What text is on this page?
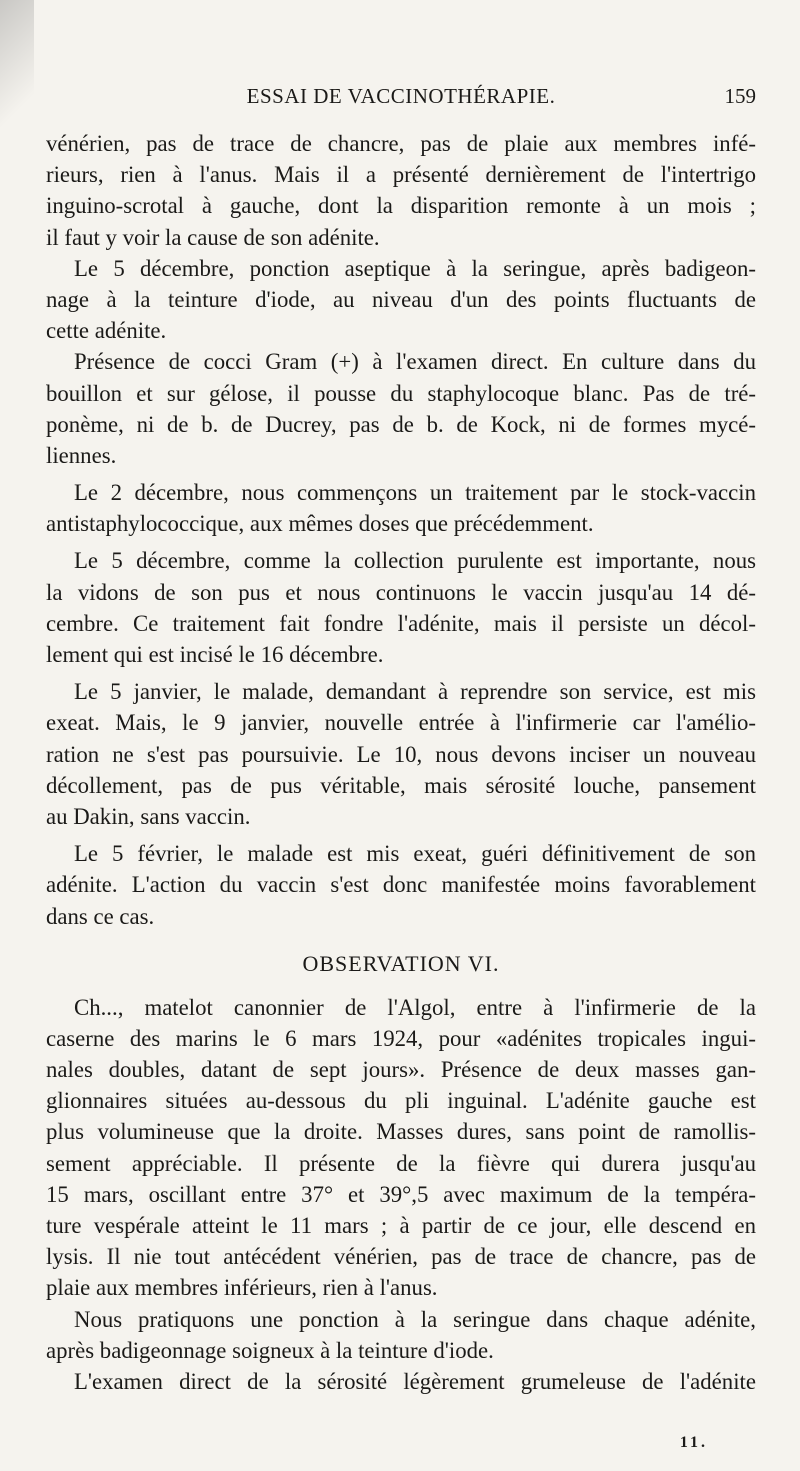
ESSAI DE VACCINOTHÉRAPIE.	159
vénérien, pas de trace de chancre, pas de plaie aux membres infé-
rieurs, rien à l'anus. Mais il a présenté dernièrement de l'intertrigo
inguino-scrotal à gauche, dont la disparition remonte à un mois ;
il faut y voir la cause de son adénite.
Le 5 décembre, ponction aseptique à la seringue, après badigeon-
nage à la teinture d'iode, au niveau d'un des points fluctuants de
cette adénite.
Présence de cocci Gram (+) à l'examen direct. En culture dans du
bouillon et sur gélose, il pousse du staphylocoque blanc. Pas de tré-
ponème, ni de b. de Ducrey, pas de b. de Kock, ni de formes mycé-
liennes.
Le 2 décembre, nous commençons un traitement par le stock-vaccin
antistaphylococcique, aux mêmes doses que précédemment.
Le 5 décembre, comme la collection purulente est importante, nous
la vidons de son pus et nous continuons le vaccin jusqu'au 14 dé-
cembre. Ce traitement fait fondre l'adénite, mais il persiste un décol-
lement qui est incisé le 16 décembre.
Le 5 janvier, le malade, demandant à reprendre son service, est mis
exeat. Mais, le 9 janvier, nouvelle entrée à l'infirmerie car l'amélio-
ration ne s'est pas poursuivie. Le 10, nous devons inciser un nouveau
décollement, pas de pus véritable, mais sérosité louche, pansement
au Dakin, sans vaccin.
Le 5 février, le malade est mis exeat, guéri définitivement de son
adénite. L'action du vaccin s'est donc manifestée moins favorablement
dans ce cas.
OBSERVATION VI.
Ch..., matelot canonnier de l'Algol, entre à l'infirmerie de la
caserne des marins le 6 mars 1924, pour «adénites tropicales ingui-
nales doubles, datant de sept jours». Présence de deux masses gan-
glionnaires situées au-dessous du pli inguinal. L'adénite gauche est
plus volumineuse que la droite. Masses dures, sans point de ramollis-
sement appréciable. Il présente de la fièvre qui durera jusqu'au
15 mars, oscillant entre 37° et 39°,5 avec maximum de la tempéra-
ture vespérale atteint le 11 mars ; à partir de ce jour, elle descend en
lysis. Il nie tout antécédent vénérien, pas de trace de chancre, pas de
plaie aux membres inférieurs, rien à l'anus.
Nous pratiquons une ponction à la seringue dans chaque adénite,
après badigeonnage soigneux à la teinture d'iode.
L'examen direct de la sérosité légèrement grumeleuse de l'adénite
11.
